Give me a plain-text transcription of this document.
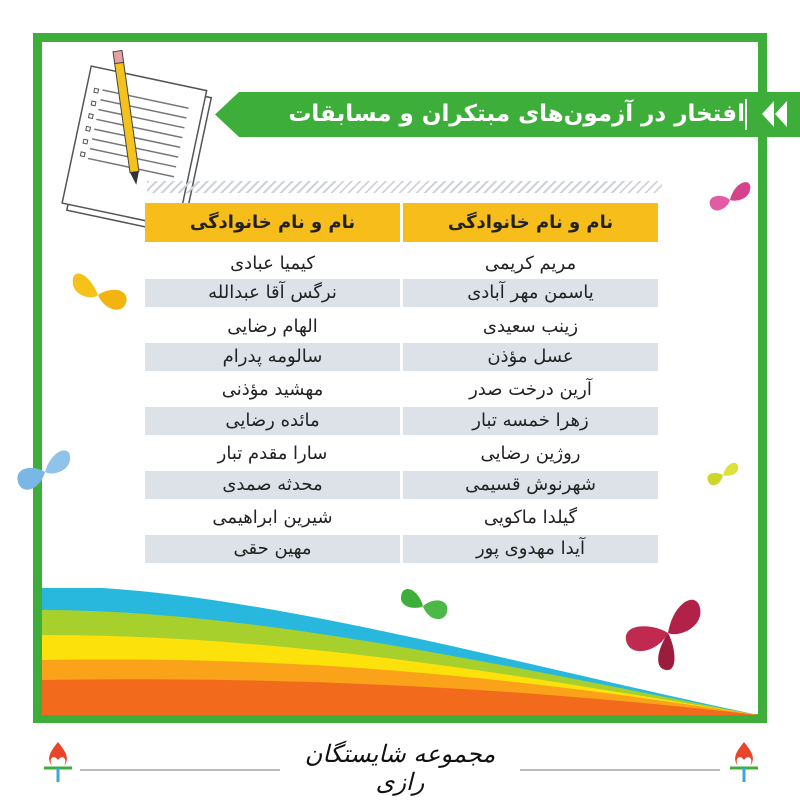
افتخار در آزمون‌های مبتکران و مسابقات علمی
نام و نام خانوادگی
نام و نام خانوادگی
مریم کریمی
یاسمن مهر آبادی
زینب سعیدی
عسل مؤذن
آرین درخت صدر
زهرا خمسه تبار
روژین رضایی
شهرنوش قسیمی
گیلدا ماکویی
آیدا مهدوی پور
کیمیا عبادی
نرگس آقا عبدالله
الهام رضایی
سالومه پدرام
مهشید مؤذنی
مائده رضایی
سارا مقدم تبار
محدثه صمدی
شیرین ابراهیمی
مهین حقی
مجموعه شایستگان رازی
